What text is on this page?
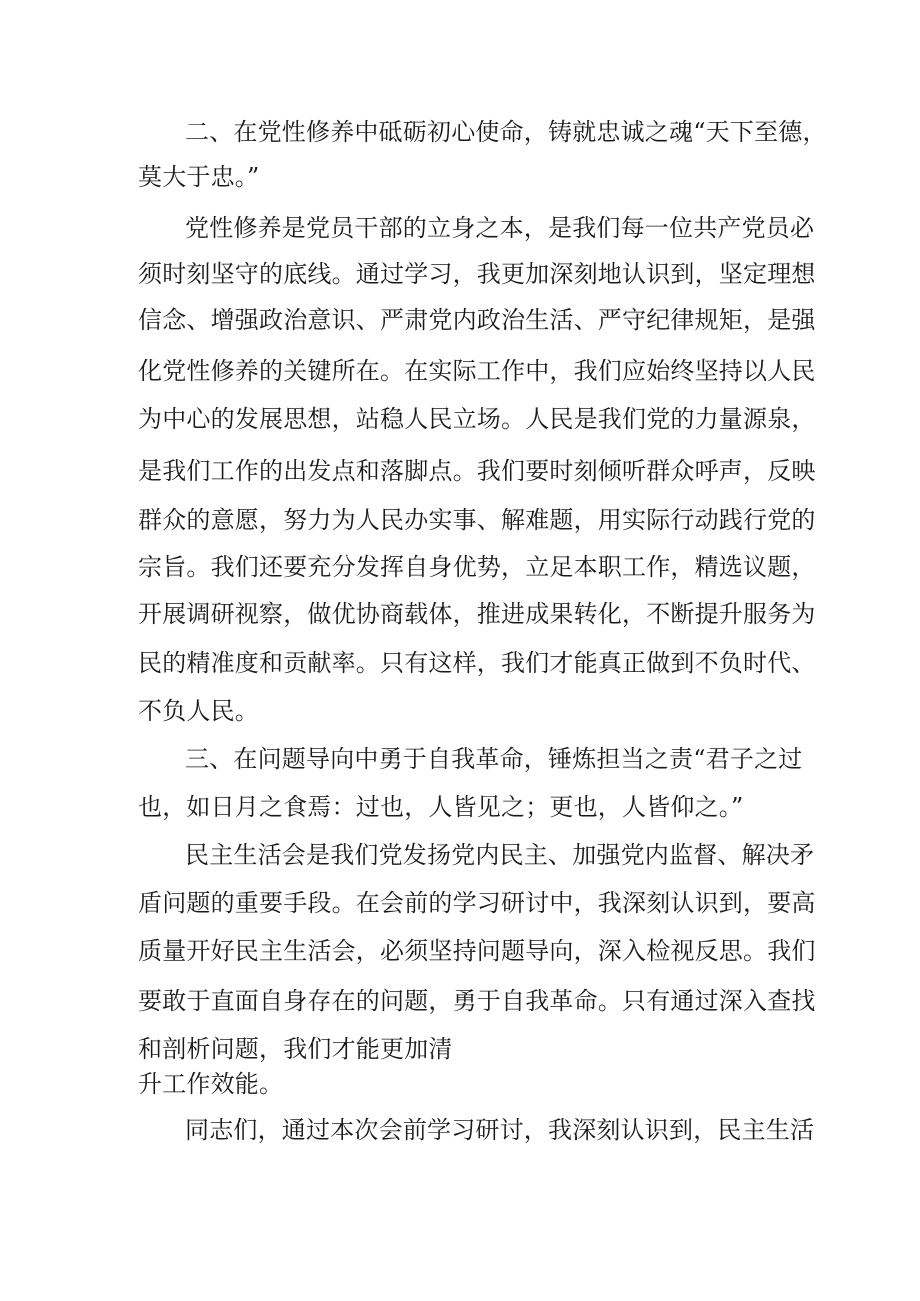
二、在党性修养中砥砺初心使命，铸就忠诚之魂“天下至德，
莫大于忠。”
党性修养是党员干部的立身之本，是我们每一位共产党员必
须时刻坚守的底线。通过学习，我更加深刻地认识到，坚定理想
信念、增强政治意识、严肃党内政治生活、严守纪律规矩，是强
化党性修养的关键所在。在实际工作中，我们应始终坚持以人民
为中心的发展思想，站稳人民立场。人民是我们党的力量源泉，
是我们工作的出发点和落脚点。我们要时刻倾听群众呼声，反映
群众的意愿，努力为人民办实事、解难题，用实际行动践行党的
宗旨。我们还要充分发挥自身优势，立足本职工作，精选议题，
开展调研视察，做优协商载体，推进成果转化，不断提升服务为
民的精准度和贡献率。只有这样，我们才能真正做到不负时代、
不负人民。
三、在问题导向中勇于自我革命，锤炼担当之责“君子之过
也，如日月之食焉：过也，人皆见之；更也，人皆仰之。”
民主生活会是我们党发扬党内民主、加强党内监督、解决矛
盾问题的重要手段。在会前的学习研讨中，我深刻认识到，要高
质量开好民主生活会，必须坚持问题导向，深入检视反思。我们
要敢于直面自身存在的问题，勇于自我革命。只有通过深入查找
和剖析问题，我们才能更加清
升工作效能。
同志们，通过本次会前学习研讨，我深刻认识到，民主生活
